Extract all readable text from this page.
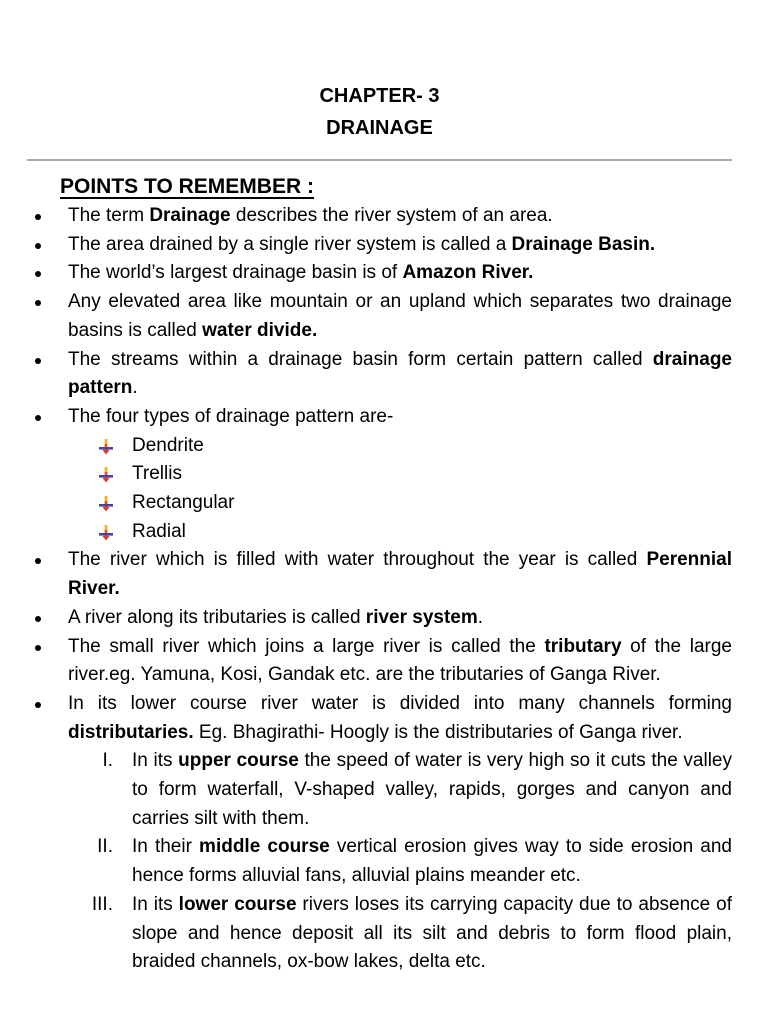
CHAPTER- 3
DRAINAGE
POINTS TO REMEMBER :

The term Drainage describes the river system of an area.

The area drained by a single river system is called a Drainage Basin.

The world’s largest drainage basin is of Amazon River.

Any elevated area like mountain or an upland which separates two drainage basins is called water divide.

The streams within a drainage basin form certain pattern called drainage pattern.

The four types of drainage pattern are-

Dendrite
Trellis
Rectangular
Radial

The river which is filled with water throughout the year is called Perennial River.

A river along its tributaries is called river system.

The small river which joins a large river is called the tributary of the large river.eg. Yamuna, Kosi, Gandak etc. are the tributaries of Ganga River.

In its lower course river water is divided into many channels forming distributaries. Eg. Bhagirathi- Hoogly is the distributaries of Ganga river.

I. In its upper course the speed of water is very high so it cuts the valley to form waterfall, V-shaped valley, rapids, gorges and canyon and carries silt with them.

II. In their middle course vertical erosion gives way to side erosion and hence forms alluvial fans, alluvial plains meander etc.

III. In its lower course rivers loses its carrying capacity due to absence of slope and hence deposit all its silt and debris to form flood plain, braided channels, ox-bow lakes, delta etc.
